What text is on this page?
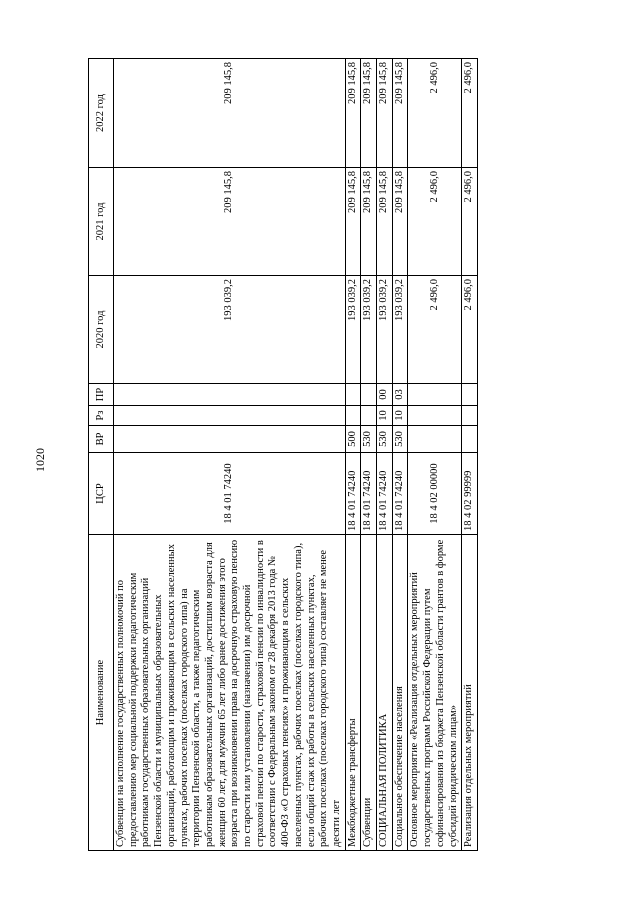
1020
Наименование	ЦСР	ВР	Рз	ПР	2020 год	2021 год	2022 год
Субвенции на исполнение государственных полномочий по предоставлению мер социальной поддержки педагогическим работникам государственных образовательных организаций Пензенской области и муниципальных образовательных организаций, работающим и проживающим в сельских населенных пунктах, рабочих поселках (поселках городского типа) на территории Пензенской области, а также педагогическим работникам образовательных организаций, достигшим возраста для женщин 60 лет, для мужчин 65 лет либо ранее достижения этого возраста при возникновении права на досрочную страховую пенсию по старости или установлении (назначении) им досрочной страховой пенсии по старости, страховой пенсии по инвалидности в соответствии с Федеральным законом от 28 декабря 2013 года № 400-ФЗ «О страховых пенсиях» и проживающим в сельских населенных пунктах, рабочих поселках (поселках городского типа), если общий стаж их работы в сельских населенных пунктах, рабочих поселках (поселках городского типа) составляет не менее десяти лет	18 4 01 74240				193 039,2	209 145,8	209 145,8
Межбюджетные трансферты	18 4 01 74240	500			193 039,2	209 145,8	209 145,8
Субвенции	18 4 01 74240	530			193 039,2	209 145,8	209 145,8
СОЦИАЛЬНАЯ ПОЛИТИКА	18 4 01 74240	530	10	00	193 039,2	209 145,8	209 145,8
Социальное обеспечение населения	18 4 01 74240	530	10	03	193 039,2	209 145,8	209 145,8
Основное мероприятие «Реализация отдельных мероприятий государственных программ Российской Федерации путем софинансирования из бюджета Пензенской области грантов в форме субсидий юридическим лицам»	18 4 02 00000				2 496,0	2 496,0	2 496,0
Реализация отдельных мероприятий	18 4 02 99999				2 496,0	2 496,0	2 496,0
